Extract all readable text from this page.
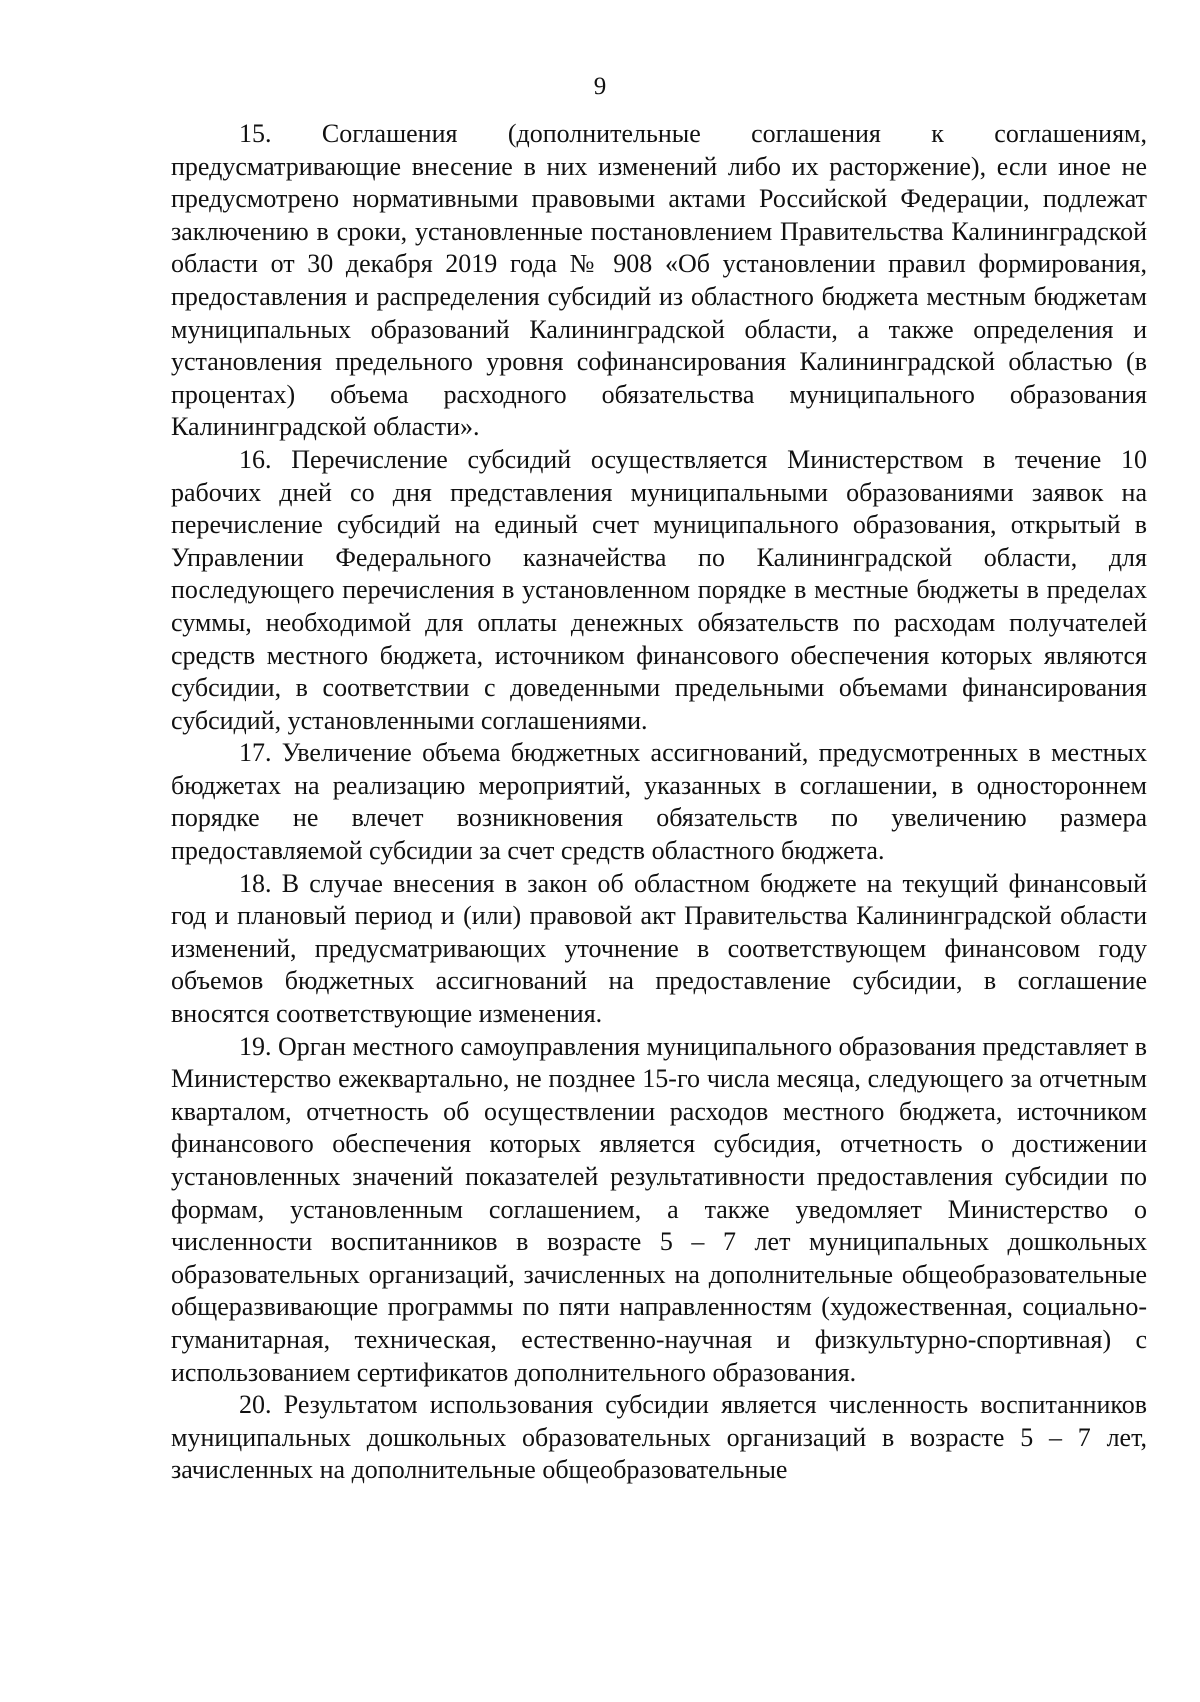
9

15. Соглашения (дополнительные соглашения к соглашениям, предусматривающие внесение в них изменений либо их расторжение), если иное не предусмотрено нормативными правовыми актами Российской Федерации, подлежат заключению в сроки, установленные постановлением Правительства Калининградской области от 30 декабря 2019 года № 908 «Об установлении правил формирования, предоставления и распределения субсидий из областного бюджета местным бюджетам муниципальных образований Калининградской области, а также определения и установления предельного уровня софинансирования Калининградской областью (в процентах) объема расходного обязательства муниципального образования Калининградской области».

16. Перечисление субсидий осуществляется Министерством в течение 10 рабочих дней со дня представления муниципальными образованиями заявок на перечисление субсидий на единый счет муниципального образования, открытый в Управлении Федерального казначейства по Калининградской области, для последующего перечисления в установленном порядке в местные бюджеты в пределах суммы, необходимой для оплаты денежных обязательств по расходам получателей средств местного бюджета, источником финансового обеспечения которых являются субсидии, в соответствии с доведенными предельными объемами финансирования субсидий, установленными соглашениями.

17. Увеличение объема бюджетных ассигнований, предусмотренных в местных бюджетах на реализацию мероприятий, указанных в соглашении, в одностороннем порядке не влечет возникновения обязательств по увеличению размера предоставляемой субсидии за счет средств областного бюджета.

18. В случае внесения в закон об областном бюджете на текущий финансовый год и плановый период и (или) правовой акт Правительства Калининградской области изменений, предусматривающих уточнение в соответствующем финансовом году объемов бюджетных ассигнований на предоставление субсидии, в соглашение вносятся соответствующие изменения.

19. Орган местного самоуправления муниципального образования представляет в Министерство ежеквартально, не позднее 15-го числа месяца, следующего за отчетным кварталом, отчетность об осуществлении расходов местного бюджета, источником финансового обеспечения которых является субсидия, отчетность о достижении установленных значений показателей результативности предоставления субсидии по формам, установленным соглашением, а также уведомляет Министерство о численности воспитанников в возрасте 5 – 7 лет муниципальных дошкольных образовательных организаций, зачисленных на дополнительные общеобразовательные общеразвивающие программы по пяти направленностям (художественная, социально-гуманитарная, техническая, естественно-научная и физкультурно-спортивная) с использованием сертификатов дополнительного образования.

20. Результатом использования субсидии является численность воспитанников муниципальных дошкольных образовательных организаций в возрасте 5 – 7 лет, зачисленных на дополнительные общеобразовательные
